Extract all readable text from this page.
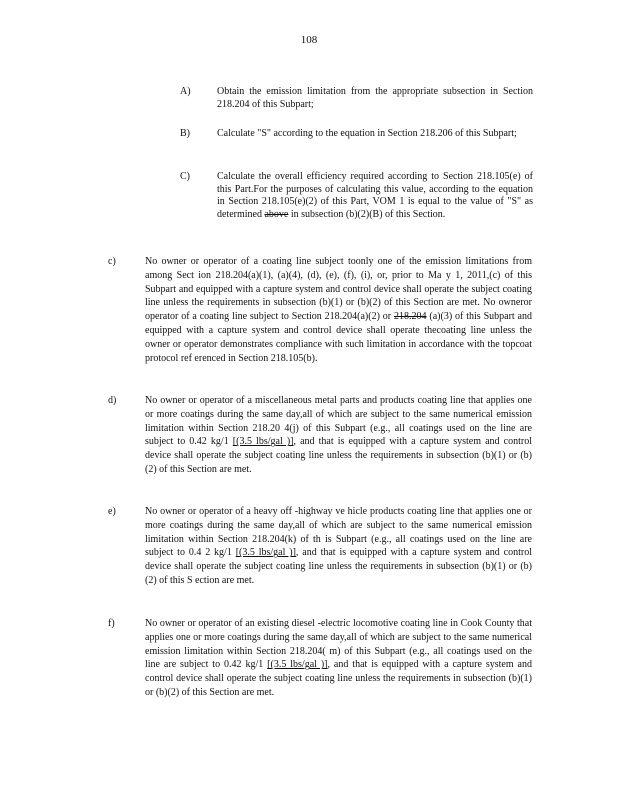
108
A)	Obtain the emission limitation from the appropriate subsection in Section 218.204 of this Subpart;
B)	Calculate "S" according to the equation in Section 218.206 of this Subpart;
C)	Calculate the overall efficiency required according to Section 218.105(e) of this Part.For the purposes of calculating this value, according to the equation in Section 218.105(e)(2) of this Part, VOM 1 is equal to the value of "S" as determined above in subsection (b)(2)(B) of this Section.
c)	No owner or operator of a coating line subject toonly one of the emission limitations from among Sect ion 218.204(a)(1), (a)(4), (d), (e), (f), (i), or, prior to Ma y 1, 2011,(c) of this Subpart and equipped with a capture system and control device shall operate the subject coating line unless the requirements in subsection (b)(1) or (b)(2) of this Section are met. No owneror operator of a coating line subject to Section 218.204(a)(2) or 218.204 (a)(3) of this Subpart and equipped with a capture system and control device shall operate thecoating line unless the owner or operator demonstrates compliance with such limitation in accordance with the topcoat protocol ref erenced in Section 218.105(b).
d)	No owner or operator of a miscellaneous metal parts and products coating line that applies one or more coatings during the same day,all of which are subject to the same numerical emission limitation within Section 218.20 4(j) of this Subpart (e.g., all coatings used on the line are subject to 0.42 kg/1 [(3.5 lbs/gal )], and that is equipped with a capture system and control device shall operate the subject coating line unless the requirements in subsection (b)(1) or (b)(2) of this Section are met.
e)	No owner or operator of a heavy off -highway ve hicle products coating line that applies one or more coatings during the same day,all of which are subject to the same numerical emission limitation within Section 218.204(k) of th is Subpart (e.g., all coatings used on the line are subject to 0.4 2 kg/1 [(3.5 lbs/gal )], and that is equipped with a capture system and control device shall operate the subject coating line unless the requirements in subsection (b)(1) or (b)(2) of this S ection are met.
f)	No owner or operator of an existing diesel -electric locomotive coating line in Cook County that applies one or more coatings during the same day,all of which are subject to the same numerical emission limitation within Section 218.204( m) of this Subpart (e.g., all coatings used on the line are subject to 0.42 kg/1 [(3.5 lbs/gal )], and that is equipped with a capture system and control device shall operate the subject coating line unless the requirements in subsection (b)(1) or (b)(2) of this Section are met.
